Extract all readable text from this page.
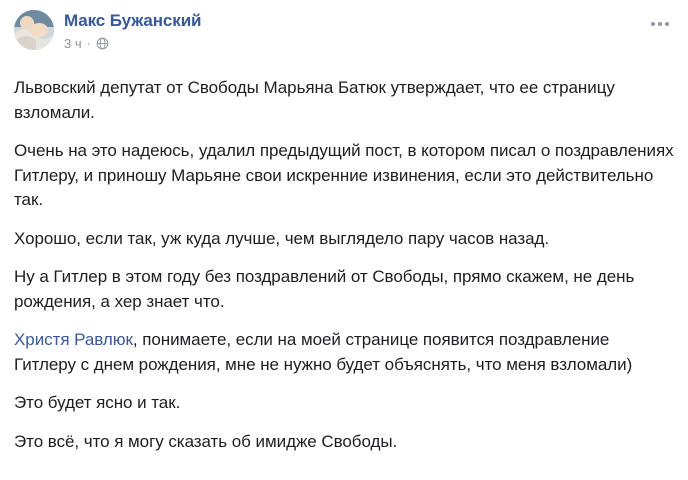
Макс Бужанский
3 ч ·

Львовский депутат от Свободы Марьяна Батюк утверждает, что ее страницу взломали.

Очень на это надеюсь, удалил предыдущий пост, в котором писал о поздравлениях Гитлеру, и приношу Марьяне свои искренние извинения, если это действительно так.

Хорошо, если так, уж куда лучше, чем выглядело пару часов назад.

Ну а Гитлер в этом году без поздравлений от Свободы, прямо скажем, не день рождения, а хер знает что.

Христя Равлюк, понимаете, если на моей странице появится поздравление Гитлеру с днем рождения, мне не нужно будет объяснять, что меня взломали)

Это будет ясно и так.

Это всё, что я могу сказать об имидже Свободы.
